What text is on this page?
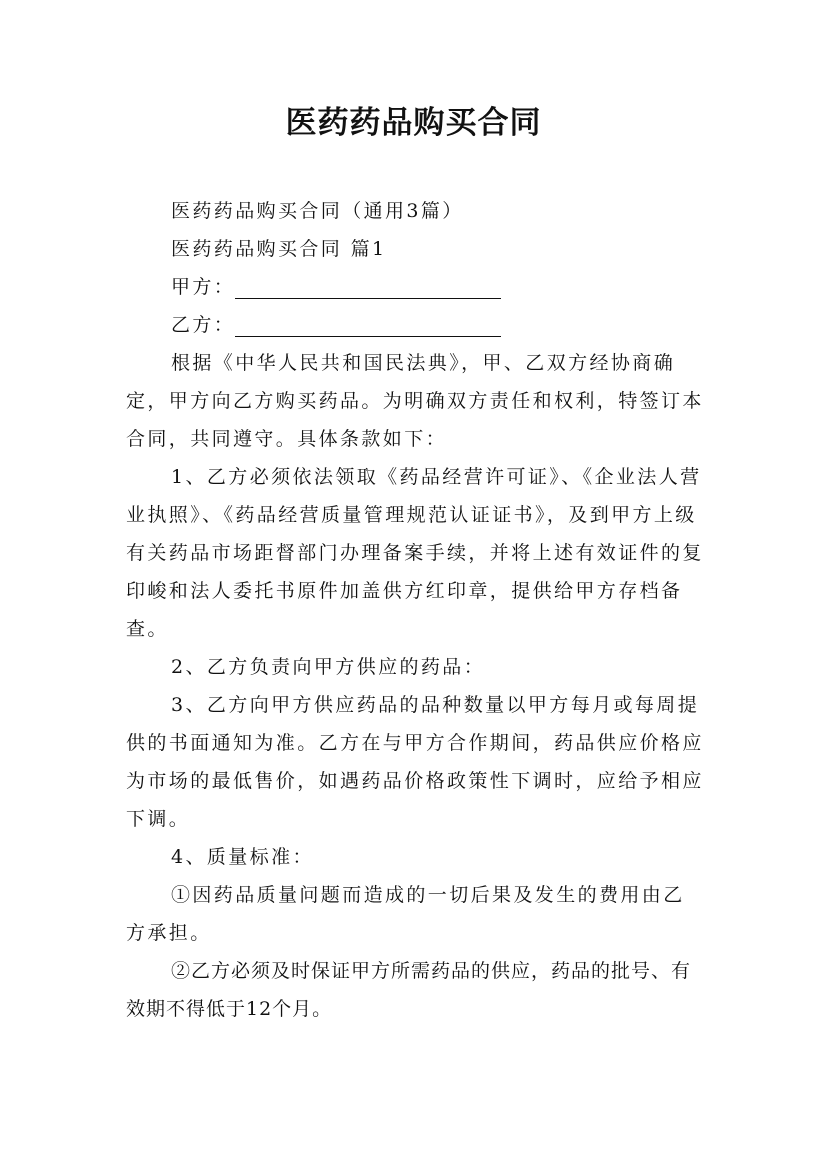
医药药品购买合同

医药药品购买合同（通用3篇）

医药药品购买合同 篇1

甲方：

乙方：

根据《中华人民共和国民法典》，甲、乙双方经协商确定，甲方向乙方购买药品。为明确双方责任和权利，特签订本合同，共同遵守。具体条款如下：

1、乙方必须依法领取《药品经营许可证》、《企业法人营业执照》、《药品经营质量管理规范认证证书》，及到甲方上级有关药品市场距督部门办理备案手续，并将上述有效证件的复印峻和法人委托书原件加盖供方红印章，提供给甲方存档备查。

2、乙方负责向甲方供应的药品：

3、乙方向甲方供应药品的品种数量以甲方每月或每周提供的书面通知为准。乙方在与甲方合作期间，药品供应价格应为市场的最低售价，如遇药品价格政策性下调时，应给予相应下调。

4、质量标准：

①因药品质量问题而造成的一切后果及发生的费用由乙方承担。

②乙方必须及时保证甲方所需药品的供应，药品的批号、有效期不得低于12个月。
